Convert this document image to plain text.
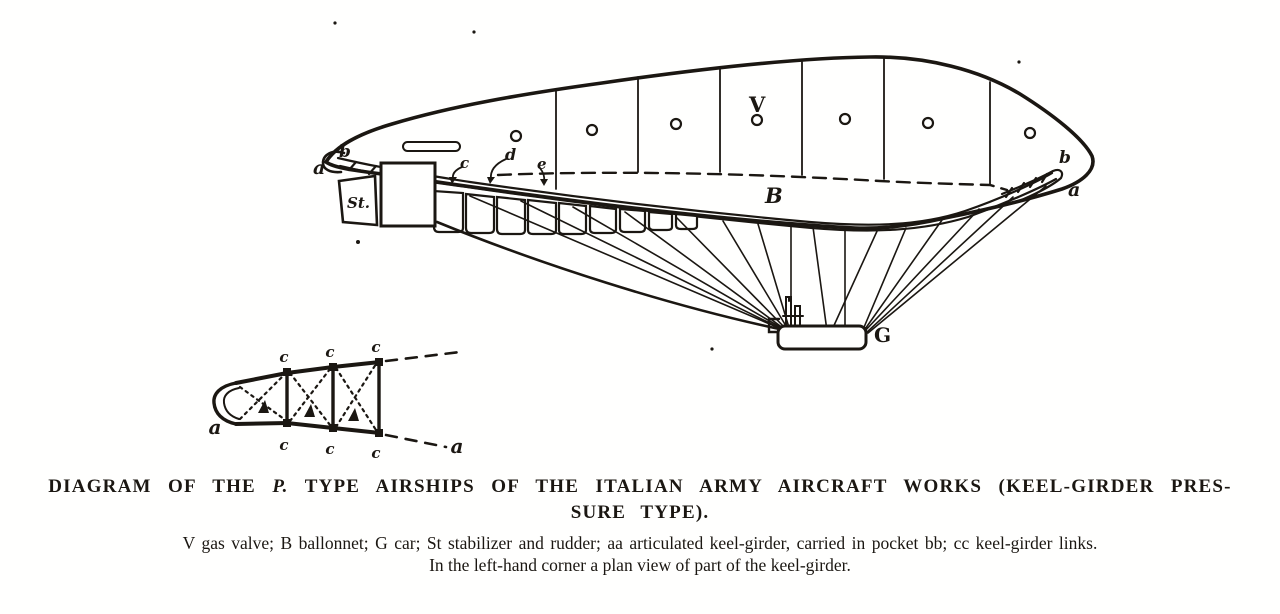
G
St.
V
B
a
b
c d e	b
a
c c c
c c c
a
a
DIAGRAM OF THE P. TYPE AIRSHIPS OF THE ITALIAN ARMY AIRCRAFT WORKS (KEEL-GIRDER PRES-
SURE TYPE).
V gas valve; B ballonnet; G car; St stabilizer and rudder; aa articulated keel-girder, carried in pocket bb; cc keel-girder links.
In the left-hand corner a plan view of part of the keel-girder.
